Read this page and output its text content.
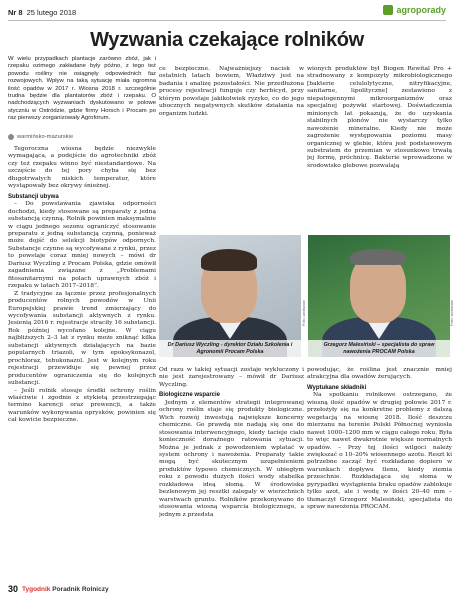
Nr 8 25 lutego 2018	agroporady
Wyzwania czekające rolników
W wielu przypadkach plantacje zarówno zbóż, jak i rzepaku ozimego zakładane były późno, z tego też powodu rośliny nie osiągnęły odpowiednich faz rozwojowych. Wpływ na taką sytuację miała ogromna ilość opadów w 2017 r. Wiosna 2018 r. szczególnie trudna będzie dla plantatorów zbóż i rzepaku. O nadchodzących wyzwaniach dyskutowano w polowe styczniu w Ostródzie, gdzie firmy Horsch i Procam po raz pierwszy zorganizowały Agroforum.
warmińsko-mazurskie

Tegoroczna wiosna będzie niezwykle wymagająca, a podejście do agrotechniki zbóż czy też rzepaku winno być niestandardowe. Na szczęście do tej pory chyba się bez długotrwałych niskich temperatur, które wystąpowały bez okrywy śnieżnej.

Substancji ubywa

– Do powstawania zjawiska odporności dochodzi, kiedy stosowane są preparaty z jedną substancją czynną. Rolnik powinien maksymalnie w ciągu jednego sezonu ograniczyć stosowanie preparatu z jedną substancją czynną, ponieważ może dojść do selekcji biotypów odpornych. Substancje czynne są wycofywane z rynku, przez to powstaje coraz mniej nowych – mówi dr Dariusz Wyczling z Procam Polska, gdzie omówił zagadnienia związane z „Problemami fitosanitarnymi na polach uprawnych zbóż i rzepaku w latach 2017–2018”.

Z tradycyjne za łącznie przez profesjonalnych producentów rolnych powodów w Unii Europejskiej prawie trend zmierzający do wycofywania substancji aktywnych z rynku. Jesienią 2016 r. rejestracje straciły 16 substancji. Rok później wycofano kolejne. W ciągu najbliższych 2–3 lat z rynku może zniknąć kilka substancji aktywnych działających na bazie popularnych triazoli, w tym epoksykonazol, prochloraz, tebukonazol. Jest w kolejnym roku rejestracji przewiduje się pewnej przez producentów ograniczenia się do kolejnych substancji.

– Jeśli rolnik stosuje środki ochrony roślin właściwie i zgodnie z etykietą przestrzegając termino karencji oraz prewencji, a także warunków wykonywania oprysków, powinien się cał kowicie bezpieczne.

ce bezpieczne. Najważniejszy nacisk w ostatnich latach bowiem, Władztwy jest na badania i analizę pozostałości. Nie przedłużona procesy rejestracji funguje czy herbicyd, przy którym powstaje jakikolwiek ryzyko, co do jego ubocznych negatywnych skutków działania na organizm ludzki.

wionych produktów był Biogen Rewital Pro + stradnowany z kompozyty mikrobiologicznego [bakterie celulolytyczne, nitryfikacyjne, sanitarne, lipolityczne] zestawiono z niepatogennymi mikroorganizmów oraz specjalnej pożywki startowej. Doświadczenia minionych lat pokazują, że do uzyskania stabilnych plonów nie wystarczy tylko nawożenie mineralne. Kiedy nie może zagrożenie występowania poziomu masy organicznej w glebie, która jest podstawowym substratem do przemian w stosunkowo trwałą jej formę, próchnicę. Bakterie wprowadzone w środowisko glebowe pozwalają

Dr Dariusz Wyczling - dyrektor Działu Szkolenia i Agronomii Procam Polska
Foto: archiwum
Grzegorz Malesiński – specjalista do spraw nawożenia PROCAM Polska
Foto: archiwum

Od razu w takiej sytuacji zostaje wykluczony i nie jest zarejestrowany – mówił dr Dariusz Wyczling.

Biologiczne wsparcie

Jednym z elementów strategii integrowanej ochrony roślin staje się produkty biologiczne. Wich rozwój inwestują największe koncerny chemiczne. Go prawdą nie nadają się one do stosowania interwencyjnego, kiedy tacieje ciało konieczność doraźnego ratowania sytuacji. Można je jednak z powodzeniem wplatać w system ochrony i nawożenia. Preparaty takie mogą być skutecznym uzupełnieniem produktów typowo chemicznych. W ubiegłym roku z powodu dużych ilości wody stabelka rozkładowa ideą słomą. W środowiska bezlenowym jej resztki zalegały w wierzchnich warstwach gruntu. Rolników przekonywano do stosowania wiosną wsparcia biologicznego, a jednym z przedsta

powodując, że roślina jest znacznie mniej atrakcyjna dla owadów żerujących.

Wyptukane składniki

Na spotkaniu rolnikowe ostrzegano, że wiosną ilość opadów w drugiej połowie 2017 r. przełożyły się na konkretne problemy z dalszą wegetacją na wiosnę 2018. Ilość deszczu mierzanu na terenie Polski Północnej wyniosła nawet 1000–1200 mm w ciągu całego roku. Była to więc nawet dwukrotnie większe normalnych opadów. – Przy tej ilości wilgoci należy zwiększać o 10–20% wiosennego azotu. Reszt ki potrzebne zacząć być rozkładane dopiero w warunkach dopływu tlenu, kiedy ziemia przeschnie. Rozkładająca się słoma w pyrypadku wystąpienia braku opadów zablokuje tylko azot, ale i wodę w ilości 20–40 mm – tłumaczył Grzegorz Malesiński, specjalista do spraw nawożenia PROCAM.

30 Tygodnik Poradnik Rolniczy
